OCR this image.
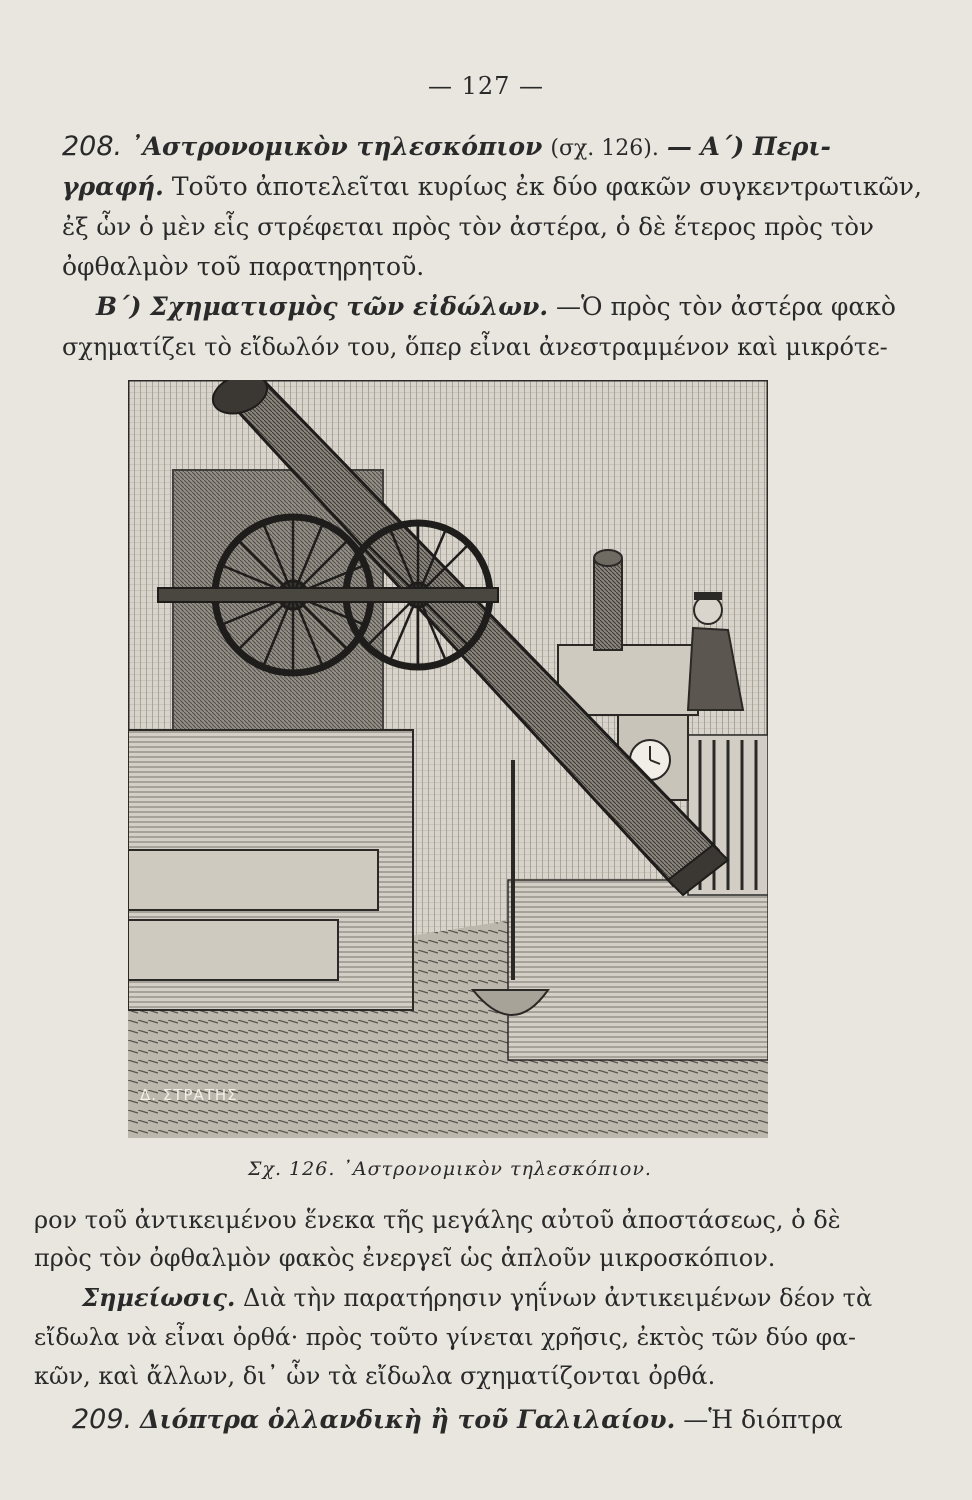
— 127 —
208. ᾿Αστρονομικὸν τηλεσκόπιον (σχ. 126). — Α΄) Περι-
γραφή. Τοῦτο ἀποτελεῖται κυρίως ἐκ δύο φακῶν συγκεντρωτικῶν,
ἐξ ὧν ὁ μὲν εἷς στρέφεται πρὸς τὸν ἀστέρα, ὁ δὲ ἕτερος πρὸς τὸν
ὀφθαλμὸν τοῦ παρατηρητοῦ.
Β΄) Σχηματισμὸς τῶν εἰδώλων. —Ὁ πρὸς τὸν ἀστέρα φακὸ
σχηματίζει τὸ εἴδωλόν του, ὅπερ εἶναι ἀνεστραμμένον καὶ μικρότε-
Δ. ΣΤΡΑΤΗΣ
Σχ. 126. ᾿Αστρονομικὸν τηλεσκόπιον.
ρον τοῦ ἀντικειμένου ἕνεκα τῆς μεγάλης αὐτοῦ ἀποστάσεως, ὁ δὲ
πρὸς τὸν ὀφθαλμὸν φακὸς ἐνεργεῖ ὡς ἁπλοῦν μικροσκόπιον.
Σημείωσις. Διὰ τὴν παρατήρησιν γηΐνων ἀντικειμένων δέον τὰ
εἴδωλα νὰ εἶναι ὀρθά· πρὸς τοῦτο γίνεται χρῆσις, ἐκτὸς τῶν δύο φα-
κῶν, καὶ ἄλλων, δι᾿ ὧν τὰ εἴδωλα σχηματίζονται ὀρθά.
209. Διόπτρα ὁλλανδικὴ ἢ τοῦ Γαλιλαίου. —Ἡ διόπτρα
